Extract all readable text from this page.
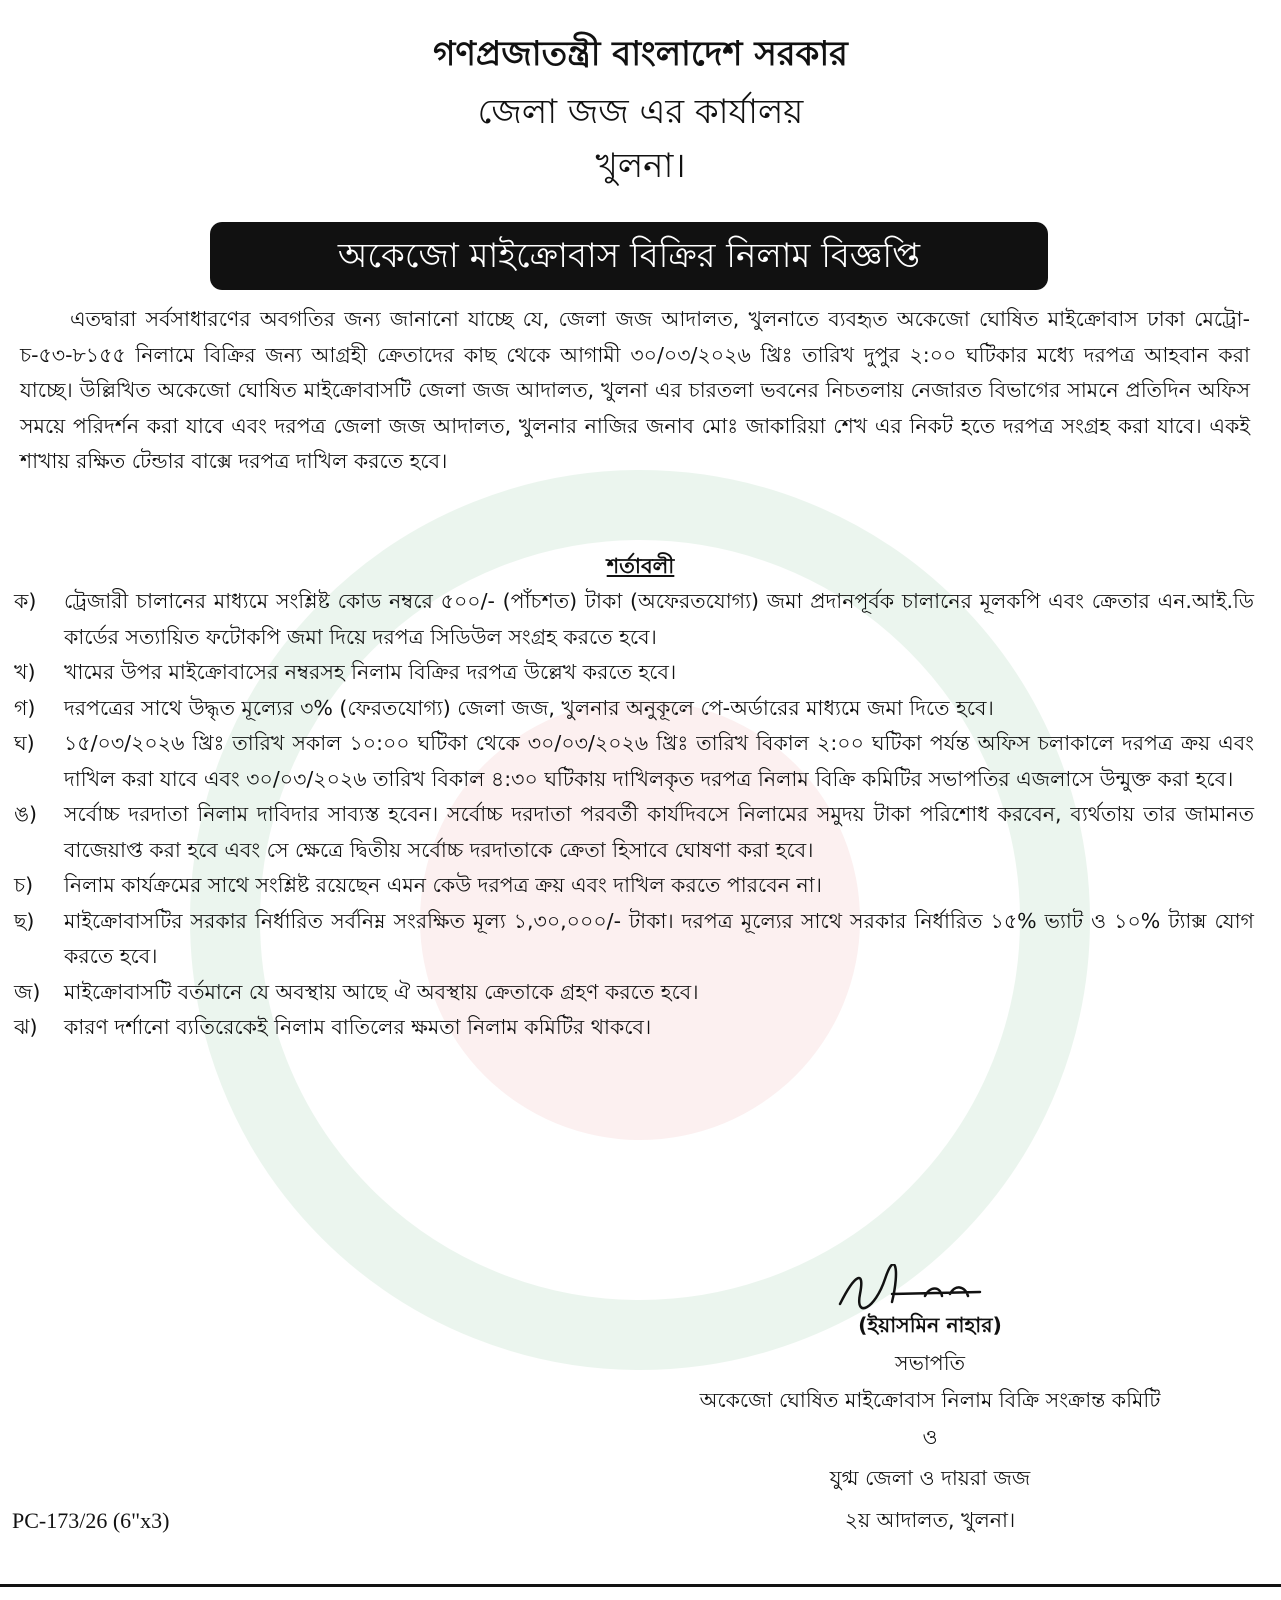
গণপ্রজাতন্ত্রী বাংলাদেশ সরকার
জেলা জজ এর কার্যালয়
খুলনা।
অকেজো মাইক্রোবাস বিক্রির নিলাম বিজ্ঞপ্তি
এতদ্বারা সর্বসাধারণের অবগতির জন্য জানানো যাচ্ছে যে, জেলা জজ আদালত, খুলনাতে ব্যবহৃত অকেজো ঘোষিত মাইক্রোবাস ঢাকা মেট্রো-চ-৫৩-৮১৫৫ নিলামে বিক্রির জন্য আগ্রহী ক্রেতাদের কাছ থেকে আগামী ৩০/০৩/২০২৬ খ্রিঃ তারিখ দুপুর ২:০০ ঘটিকার মধ্যে দরপত্র আহবান করা যাচ্ছে। উল্লিখিত অকেজো ঘোষিত মাইক্রোবাসটি জেলা জজ আদালত, খুলনা এর চারতলা ভবনের নিচতলায় নেজারত বিভাগের সামনে প্রতিদিন অফিস সময়ে পরিদর্শন করা যাবে এবং দরপত্র জেলা জজ আদালত, খুলনার নাজির জনাব মোঃ জাকারিয়া শেখ এর নিকট হতে দরপত্র সংগ্রহ করা যাবে। একই শাখায় রক্ষিত টেন্ডার বাক্সে দরপত্র দাখিল করতে হবে।
শর্তাবলী
ক)	ট্রেজারী চালানের মাধ্যমে সংশ্লিষ্ট কোড নম্বরে ৫০০/- (পাঁচশত) টাকা (অফেরতযোগ্য) জমা প্রদানপূর্বক চালানের মূলকপি এবং ক্রেতার এন.আই.ডি কার্ডের সত্যায়িত ফটোকপি জমা দিয়ে দরপত্র সিডিউল সংগ্রহ করতে হবে।
খ)	খামের উপর মাইক্রোবাসের নম্বরসহ নিলাম বিক্রির দরপত্র উল্লেখ করতে হবে।
গ)	দরপত্রের সাথে উদ্ধৃত মূল্যের ৩% (ফেরতযোগ্য) জেলা জজ, খুলনার অনুকূলে পে-অর্ডারের মাধ্যমে জমা দিতে হবে।
ঘ)	১৫/০৩/২০২৬ খ্রিঃ তারিখ সকাল ১০:০০ ঘটিকা থেকে ৩০/০৩/২০২৬ খ্রিঃ তারিখ বিকাল ২:০০ ঘটিকা পর্যন্ত অফিস চলাকালে দরপত্র ক্রয় এবং দাখিল করা যাবে এবং ৩০/০৩/২০২৬ তারিখ বিকাল ৪:৩০ ঘটিকায় দাখিলকৃত দরপত্র নিলাম বিক্রি কমিটির সভাপতির এজলাসে উন্মুক্ত করা হবে।
ঙ)	সর্বোচ্চ দরদাতা নিলাম দাবিদার সাব্যস্ত হবেন। সর্বোচ্চ দরদাতা পরবর্তী কার্যদিবসে নিলামের সমুদয় টাকা পরিশোধ করবেন, ব্যর্থতায় তার জামানত বাজেয়াপ্ত করা হবে এবং সে ক্ষেত্রে দ্বিতীয় সর্বোচ্চ দরদাতাকে ক্রেতা হিসাবে ঘোষণা করা হবে।
চ)	নিলাম কার্যক্রমের সাথে সংশ্লিষ্ট রয়েছেন এমন কেউ দরপত্র ক্রয় এবং দাখিল করতে পারবেন না।
ছ)	মাইক্রোবাসটির সরকার নির্ধারিত সর্বনিম্ন সংরক্ষিত মূল্য ১,৩০,০০০/- টাকা। দরপত্র মূল্যের সাথে সরকার নির্ধারিত ১৫% ভ্যাট ও ১০% ট্যাক্স যোগ করতে হবে।
জ)	মাইক্রোবাসটি বর্তমানে যে অবস্থায় আছে ঐ অবস্থায় ক্রেতাকে গ্রহণ করতে হবে।
ঝ)	কারণ দর্শানো ব্যতিরেকেই নিলাম বাতিলের ক্ষমতা নিলাম কমিটির থাকবে।
(ইয়াসমিন নাহার)
সভাপতি
অকেজো ঘোষিত মাইক্রোবাস নিলাম বিক্রি সংক্রান্ত কমিটি
ও
যুগ্ম জেলা ও দায়রা জজ
২য় আদালত, খুলনা।
PC-173/26 (6"x3)
